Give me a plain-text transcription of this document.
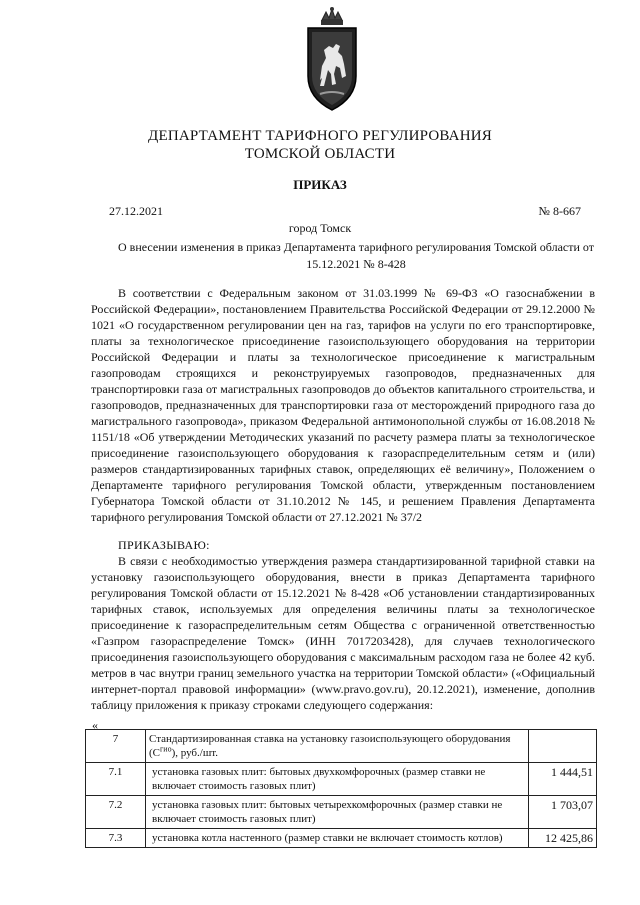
ДЕПАРТАМЕНТ ТАРИФНОГО РЕГУЛИРОВАНИЯ
ТОМСКОЙ ОБЛАСТИ
ПРИКАЗ
27.12.2021	№ 8-667
город Томск
О внесении изменения в приказ Департамента тарифного регулирования Томской области от 15.12.2021 № 8-428
В соответствии с Федеральным законом от 31.03.1999 № 69-ФЗ «О газоснабжении в Российской Федерации», постановлением Правительства Российской Федерации от 29.12.2000 № 1021 «О государственном регулировании цен на газ, тарифов на услуги по его транспортировке, платы за технологическое присоединение газоиспользующего оборудования на территории Российской Федерации и платы за технологическое присоединение к магистральным газопроводам строящихся и реконструируемых газопроводов, предназначенных для транспортировки газа от магистральных газопроводов до объектов капитального строительства, и газопроводов, предназначенных для транспортировки газа от месторождений природного газа до магистрального газопровода», приказом Федеральной антимонопольной службы от 16.08.2018 № 1151/18 «Об утверждении Методических указаний по расчету размера платы за технологическое присоединение газоиспользующего оборудования к газораспределительным сетям и (или) размеров стандартизированных тарифных ставок, определяющих её величину», Положением о Департаменте тарифного регулирования Томской области, утвержденным постановлением Губернатора Томской области от 31.10.2012 № 145, и решением Правления Департамента тарифного регулирования Томской области от 27.12.2021 № 37/2
ПРИКАЗЫВАЮ:
В связи с необходимостью утверждения размера стандартизированной тарифной ставки на установку газоиспользующего оборудования, внести в приказ Департамента тарифного регулирования Томской области от 15.12.2021 № 8-428 «Об установлении стандартизированных тарифных ставок, используемых для определения величины платы за технологическое присоединение к газораспределительным сетям Общества с ограниченной ответственностью «Газпром газораспределение Томск» (ИНН 7017203428), для случаев технологического присоединения газоиспользующего оборудования с максимальным расходом газа не более 42 куб. метров в час внутри границ земельного участка на территории Томской области» («Официальный интернет-портал правовой информации» (www.pravo.gov.ru), 20.12.2021), изменение, дополнив таблицу приложения к приказу строками следующего содержания:
«
7	Стандартизированная ставка на установку газоиспользующего оборудования $(С^{гио})$, руб./шт.	
7.1	установка газовых плит: бытовых двухкомфорочных (размер ставки не включает стоимость газовых плит)	1 444,51
7.2	установка газовых плит: бытовых четырехкомфорочных (размер ставки не включает стоимость газовых плит)	1 703,07
7.3	установка котла настенного (размер ставки не включает стоимость котлов)	12 425,86
